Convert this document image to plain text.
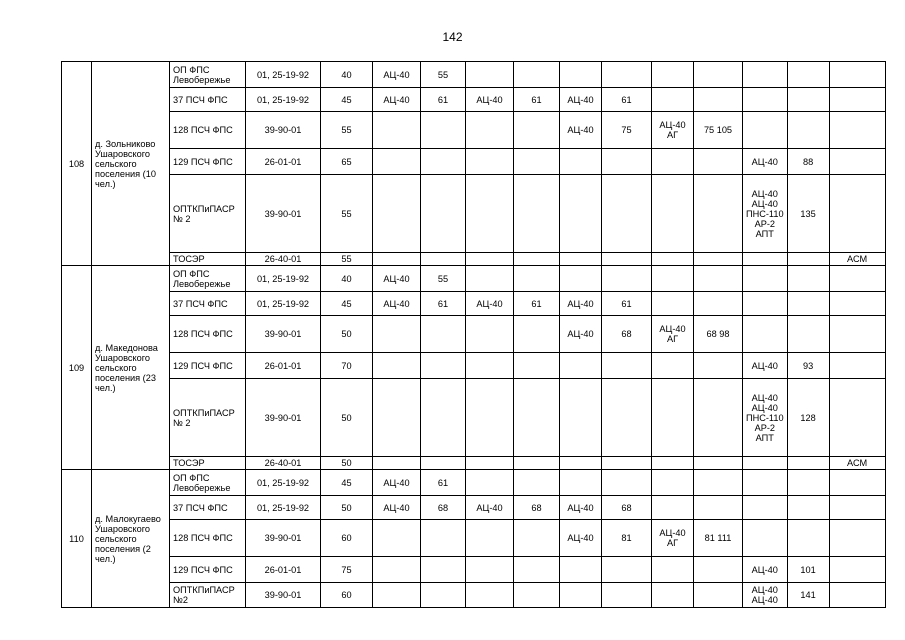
142
108	д. Зольниково Ушаровского сельского поселения (10 чел.)	ОП ФПС Левобережье	01, 25-19-92	40	АЦ-40	55									
		37 ПСЧ ФПС	01, 25-19-92	45	АЦ-40	61	АЦ-40	61	АЦ-40	61					
		128 ПСЧ ФПС	39-90-01	55					АЦ-40	75	АЦ-40 АГ	75 105			
		129 ПСЧ ФПС	26-01-01	65									АЦ-40	88	
		ОПТКПиПАСР № 2	39-90-01	55									АЦ-40 АЦ-40 ПНС-110 АР-2 АПТ	135	
		ТОСЭР	26-40-01	55											АСМ
109	д. Македонова Ушаровского сельского поселения (23 чел.)	ОП ФПС Левобережье	01, 25-19-92	40	АЦ-40	55									
		37 ПСЧ ФПС	01, 25-19-92	45	АЦ-40	61	АЦ-40	61	АЦ-40	61					
		128 ПСЧ ФПС	39-90-01	50					АЦ-40	68	АЦ-40 АГ	68 98			
		129 ПСЧ ФПС	26-01-01	70									АЦ-40	93	
		ОПТКПиПАСР № 2	39-90-01	50									АЦ-40 АЦ-40 ПНС-110 АР-2 АПТ	128	
		ТОСЭР	26-40-01	50											АСМ
110	д. Малокугаево Ушаровского сельского поселения (2 чел.)	ОП ФПС Левобережье	01, 25-19-92	45	АЦ-40	61									
		37 ПСЧ ФПС	01, 25-19-92	50	АЦ-40	68	АЦ-40	68	АЦ-40	68					
		128 ПСЧ ФПС	39-90-01	60					АЦ-40	81	АЦ-40 АГ	81 111			
		129 ПСЧ ФПС	26-01-01	75									АЦ-40	101	
		ОПТКПиПАСР №2	39-90-01	60									АЦ-40 АЦ-40	141	
